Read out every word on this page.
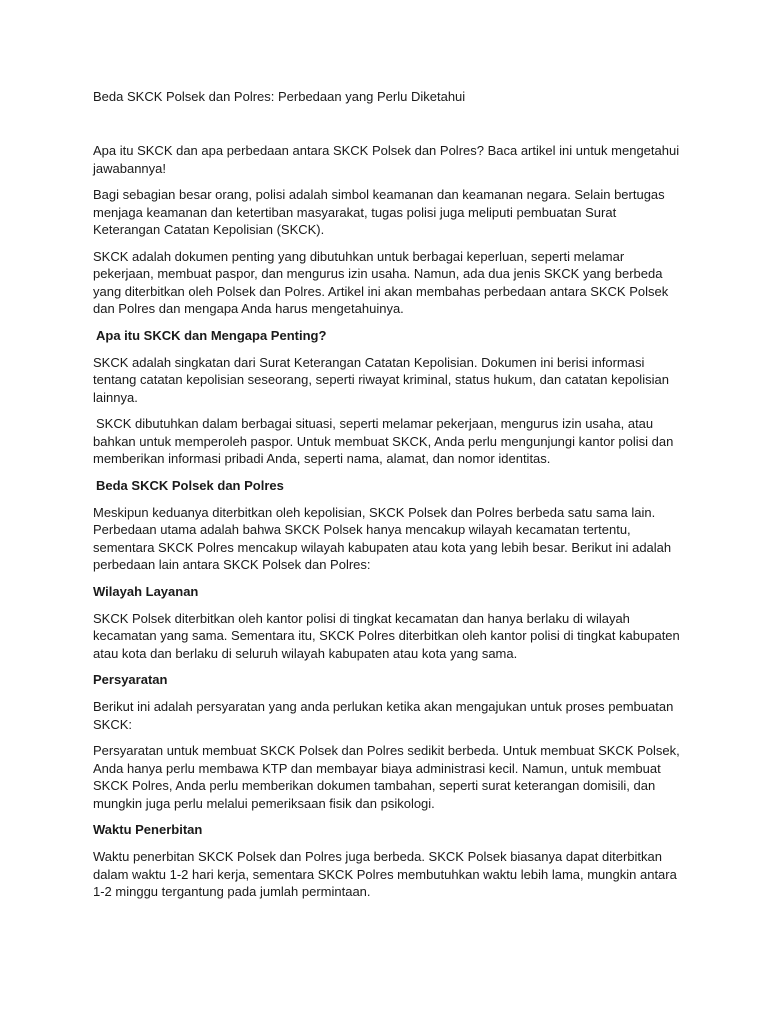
Beda SKCK Polsek dan Polres: Perbedaan yang Perlu Diketahui

Apa itu SKCK dan apa perbedaan antara SKCK Polsek dan Polres? Baca artikel ini untuk mengetahui jawabannya!

Bagi sebagian besar orang, polisi adalah simbol keamanan dan keamanan negara. Selain bertugas menjaga keamanan dan ketertiban masyarakat, tugas polisi juga meliputi pembuatan Surat Keterangan Catatan Kepolisian (SKCK).

SKCK adalah dokumen penting yang dibutuhkan untuk berbagai keperluan, seperti melamar pekerjaan, membuat paspor, dan mengurus izin usaha. Namun, ada dua jenis SKCK yang berbeda yang diterbitkan oleh Polsek dan Polres. Artikel ini akan membahas perbedaan antara SKCK Polsek dan Polres dan mengapa Anda harus mengetahuinya.

Apa itu SKCK dan Mengapa Penting?

SKCK adalah singkatan dari Surat Keterangan Catatan Kepolisian. Dokumen ini berisi informasi tentang catatan kepolisian seseorang, seperti riwayat kriminal, status hukum, dan catatan kepolisian lainnya.

SKCK dibutuhkan dalam berbagai situasi, seperti melamar pekerjaan, mengurus izin usaha, atau bahkan untuk memperoleh paspor. Untuk membuat SKCK, Anda perlu mengunjungi kantor polisi dan memberikan informasi pribadi Anda, seperti nama, alamat, dan nomor identitas.

Beda SKCK Polsek dan Polres

Meskipun keduanya diterbitkan oleh kepolisian, SKCK Polsek dan Polres berbeda satu sama lain. Perbedaan utama adalah bahwa SKCK Polsek hanya mencakup wilayah kecamatan tertentu, sementara SKCK Polres mencakup wilayah kabupaten atau kota yang lebih besar. Berikut ini adalah perbedaan lain antara SKCK Polsek dan Polres:

Wilayah Layanan

SKCK Polsek diterbitkan oleh kantor polisi di tingkat kecamatan dan hanya berlaku di wilayah kecamatan yang sama. Sementara itu, SKCK Polres diterbitkan oleh kantor polisi di tingkat kabupaten atau kota dan berlaku di seluruh wilayah kabupaten atau kota yang sama.

Persyaratan

Berikut ini adalah persyaratan yang anda perlukan ketika akan mengajukan untuk proses pembuatan SKCK:

Persyaratan untuk membuat SKCK Polsek dan Polres sedikit berbeda. Untuk membuat SKCK Polsek, Anda hanya perlu membawa KTP dan membayar biaya administrasi kecil. Namun, untuk membuat SKCK Polres, Anda perlu memberikan dokumen tambahan, seperti surat keterangan domisili, dan mungkin juga perlu melalui pemeriksaan fisik dan psikologi.

Waktu Penerbitan

Waktu penerbitan SKCK Polsek dan Polres juga berbeda. SKCK Polsek biasanya dapat diterbitkan dalam waktu 1-2 hari kerja, sementara SKCK Polres membutuhkan waktu lebih lama, mungkin antara 1-2 minggu tergantung pada jumlah permintaan.
